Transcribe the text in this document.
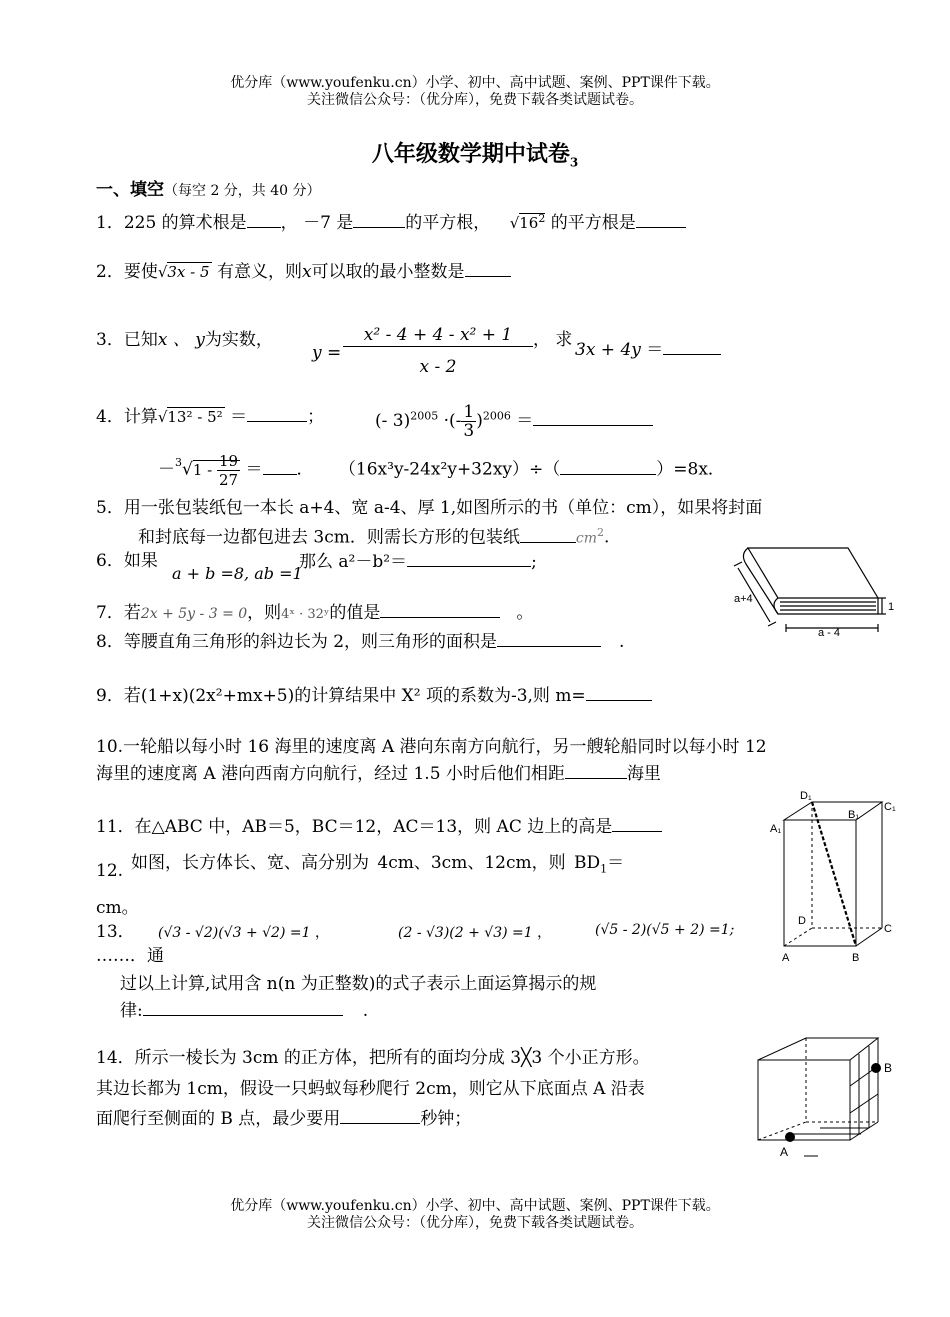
优分库（www.youfenku.cn）小学、初中、高中试题、案例、PPT课件下载。
关注微信公众号：（优分库），免费下载各类试题试卷。
八年级数学期中试卷$_3$
一、填空（每空 2 分，共 40 分）
1．225 的算术根是 ， －7 是	的平方根， $√16^2$ 的平方根是
2．要使√3x - 5 有意义，则x可以取的最小整数是
3．已知x 、 y为实数，
y =
x² - 4 + 4 - x² + 1
x - 2
， 求 3x + 4y ＝
4．计算√13² - 5² ＝	；	(- 3)$^{2005}$ ·(- $\frac{1}{3} )^{2006}$ ＝
$-^3√1 - \frac{19}{27}$ ＝ ． （16x³y-24x²y+32xy）÷（	）=8x．
5．用一张包装纸包一本长 a+4、宽 a-4、厚 1,如图所示的书（单位：cm），如果将封面
和封底每一边都包进去 3cm．则需长方形的包装纸	$cm^2$.
6．如果
a + b =8, ab =1
那么 a²－b²＝	;
7．若2x + 5y - 3 = 0，则4ˣ · 32ʸ的值是	。
8．等腰直角三角形的斜边长为 2，则三角形的面积是	.
9．若(1+x)(2x²+mx+5)的计算结果中 X² 项的系数为-3,则 m=
10.一轮船以每小时 16 海里的速度离 A 港向东南方向航行，另一艘轮船同时以每小时 12
海里的速度离 A 港向西南方向航行，经过 1.5 小时后他们相距	海里
11．在△ABC 中，AB＝5，BC＝12，AC＝13，则 AC 边上的高是
12. 如图，长方体长、宽、高分别为 4cm、3cm、12cm，则 $BD_1=$
cm。
13． (√3 - √2)(√3 + √2) =1 ，	(2 - √3)(2 + √3) =1 ，	(√5 - 2)(√5 + 2) =1;
……．通
过以上计算,试用含 n(n 为正整数)的式子表示上面运算揭示的规
律:	.
14．所示一棱长为 3cm 的正方体，把所有的面均分成 3╳3 个小正方形。
其边长都为 1cm，假设一只蚂蚁每秒爬行 2cm，则它从下底面点 A 沿表
面爬行至侧面的 B 点，最少要用	秒钟；
a+4
a - 4
1
D₁
C₁
A₁
B₁
D
C
A	B
A
B
优分库（www.youfenku.cn）小学、初中、高中试题、案例、PPT课件下载。
关注微信公众号：（优分库），免费下载各类试题试卷。
